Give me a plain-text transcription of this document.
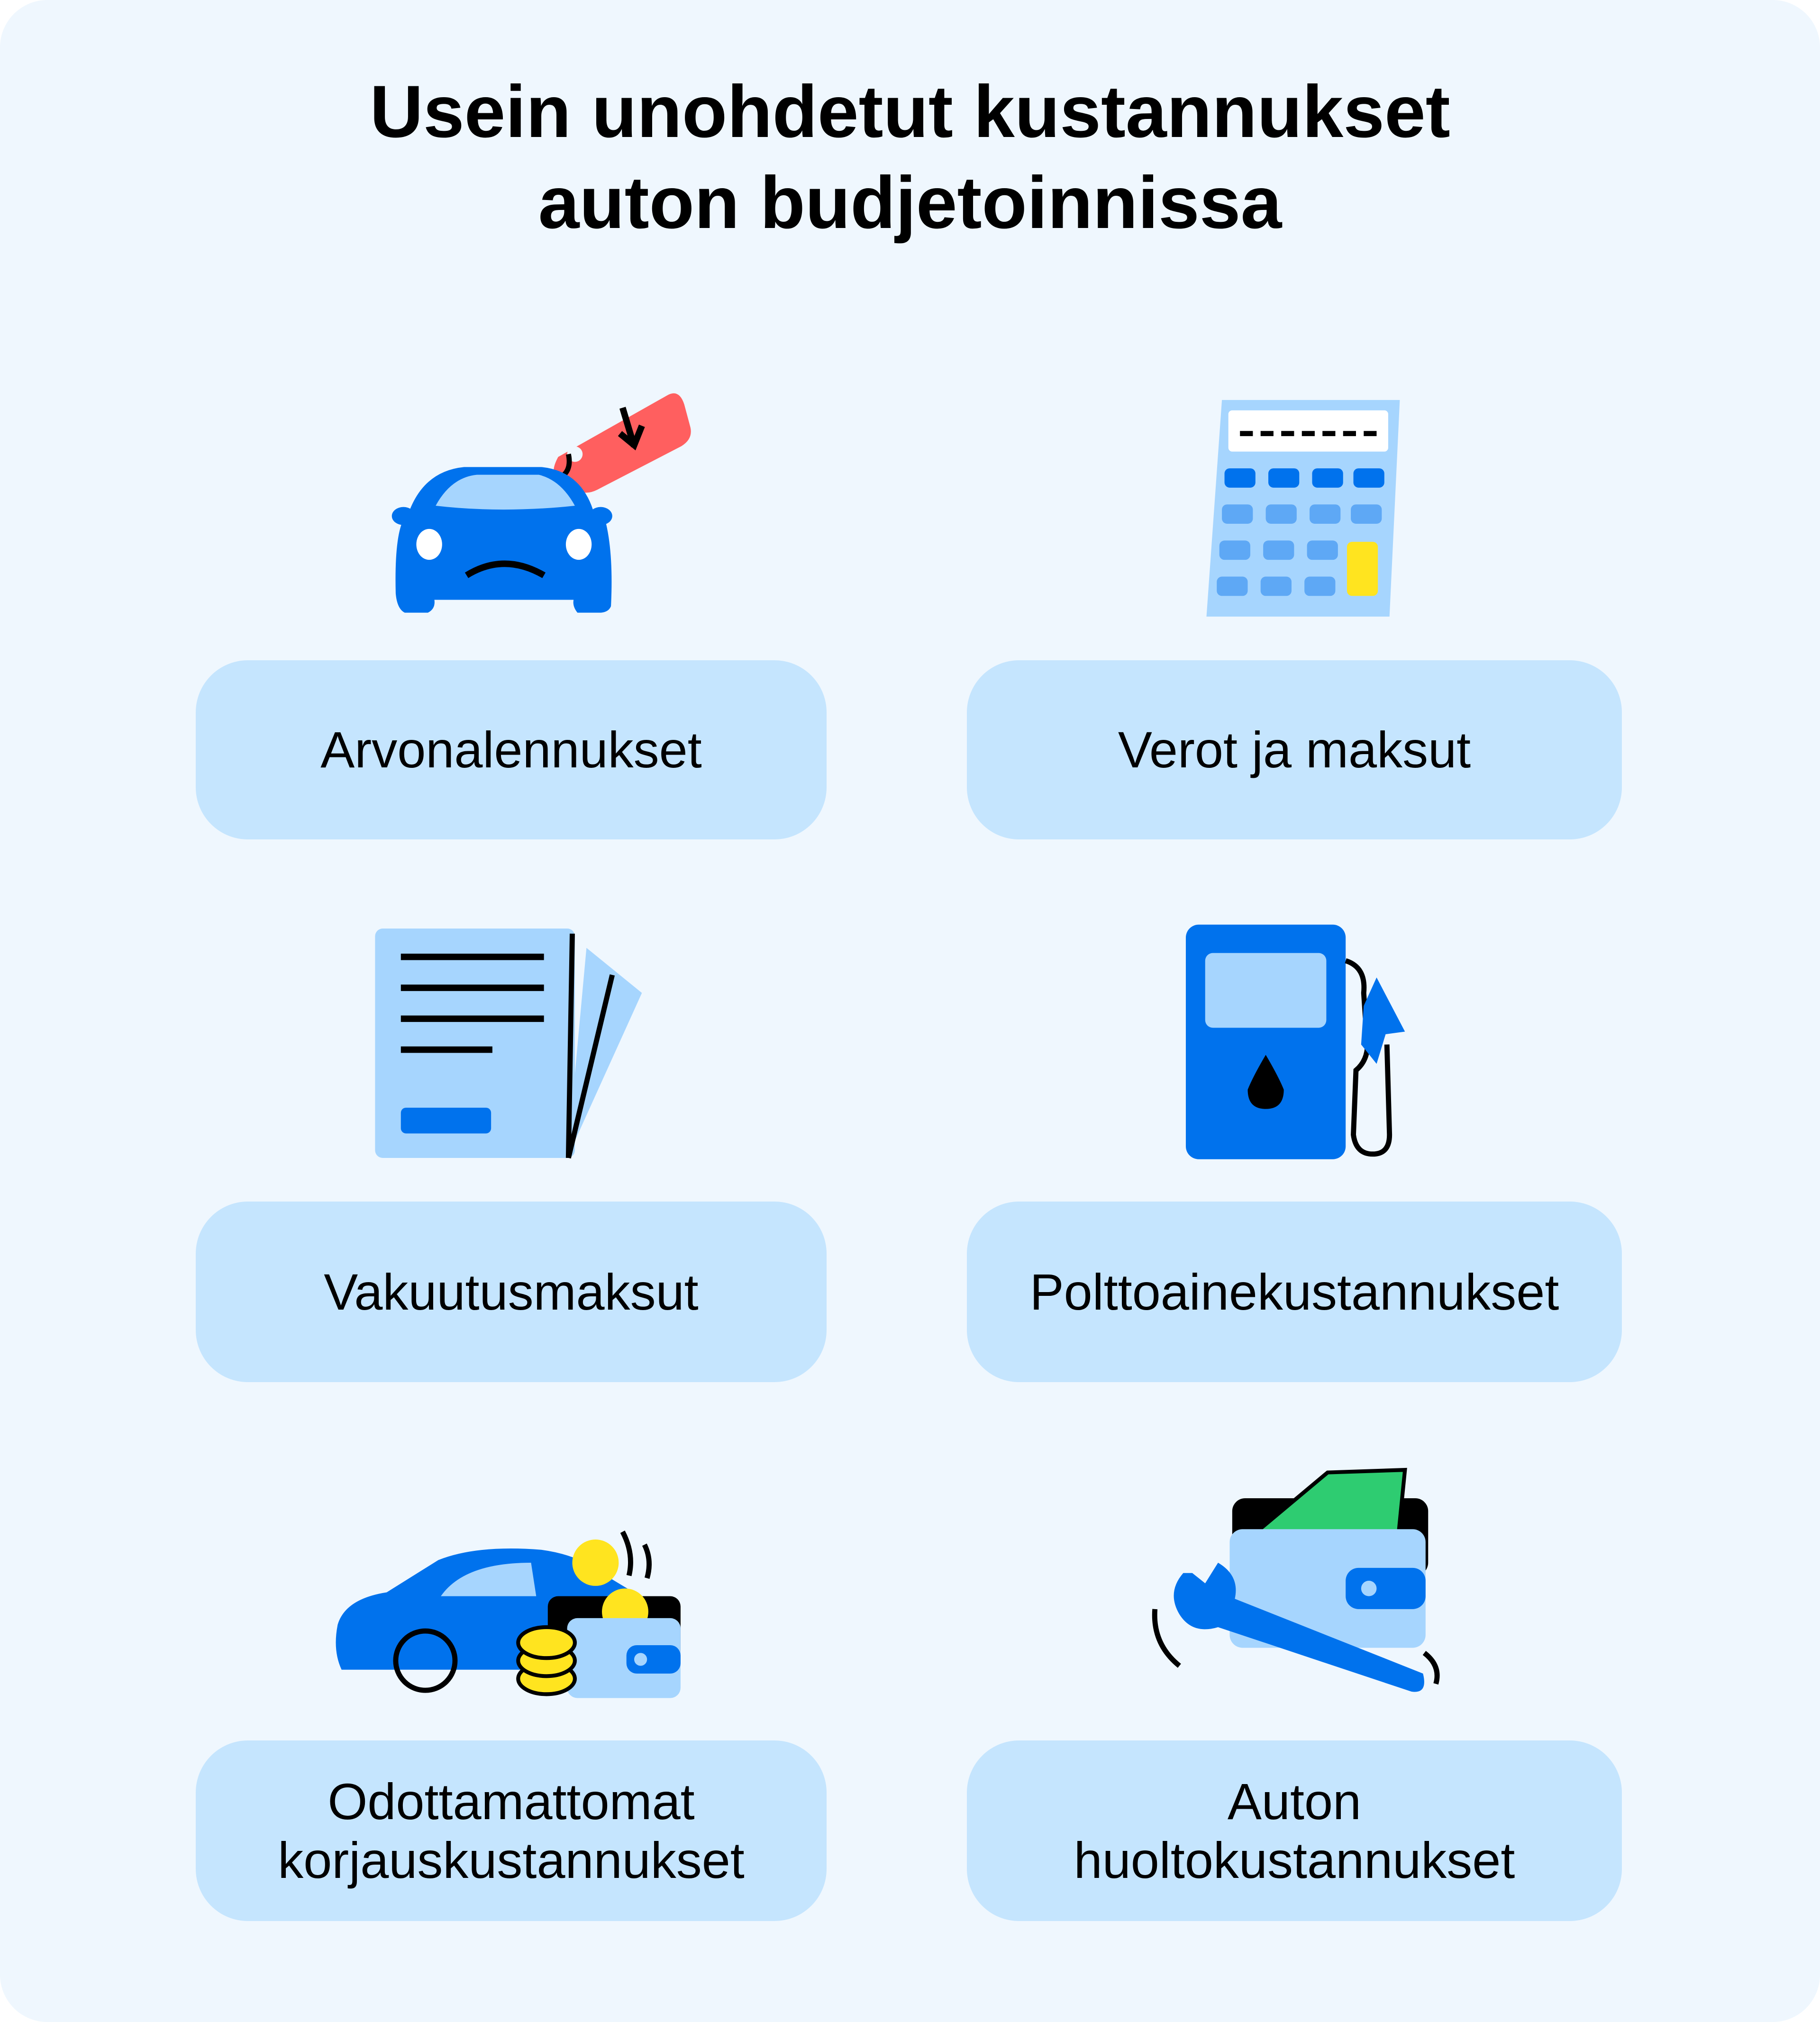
Usein unohdetut kustannukset
auton budjetoinnissa
Arvonalennukset	Verot ja maksut
Vakuutusmaksut	Polttoainekustannukset
Odottamattomat
korjauskustannukset
Auton
huoltokustannukset
